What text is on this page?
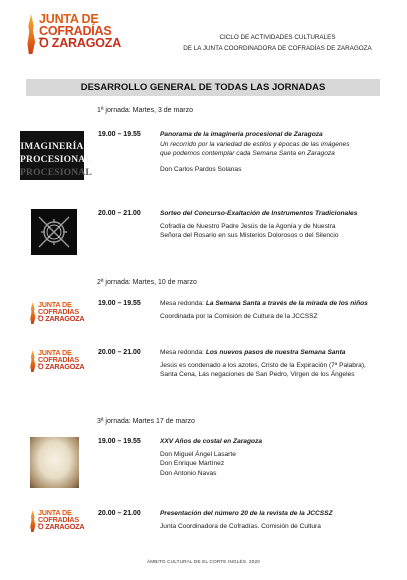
JUNTA DE
COFRADÍAS
Ꝺ ZARAGOZA	CICLO DE ACTIVIDADES CULTURALES
DE LA JUNTA COORDINADORA DE COFRADÍAS DE ZARAGOZA
DESARROLLO GENERAL DE TODAS LAS JORNADAS
1ª jornada: Martes, 3 de marzo
IMAGINERÍA
PROCESIONAL
PROCESIONAL
19.00 – 19.55	Panorama de la imaginería procesional de Zaragoza

Un recorrido por la variedad de estilos y épocas de las imágenes

que podemos contemplar cada Semana Santa en Zaragoza

Don Carlos Pardos Solanas

20.00 – 21.00	Sorteo del Concurso-Exaltación de Instrumentos Tradicionales

Cofradía de Nuestro Padre Jesús de la Agonía y de Nuestra

Señora del Rosario en sus Misterios Dolorosos o del Silencio

2ª jornada: Martes, 10 de marzo
JUNTA DE
COFRADÍAS
Ꝺ ZARAGOZA
19.00 – 19.55	Mesa redonda: La Semana Santa a través de la mirada de los niños

Coordinada por la Comisión de Cultura de la JCCSSZ

JUNTA DE
COFRADÍAS
Ꝺ ZARAGOZA
20.00 – 21.00	Mesa redonda: Los nuevos pasos de nuestra Semana Santa

Jesús es condenado a los azotes, Cristo de la Expiración (7ª Palabra),

Santa Cena, Las negaciones de San Pedro, Virgen de los Ángeles

3ª jornada: Martes 17 de marzo
19.00 – 19.55	XXV Años de costal en Zaragoza

Don Miguel Ángel Lasarte

Don Enrique Martínez

Don Antonio Navas

JUNTA DE
COFRADÍAS
Ꝺ ZARAGOZA
20.00 – 21.00	Presentación del número 20 de la revista de la JCCSSZ

Junta Coordinadora de Cofradías. Comisión de Cultura

ÁMBITO CULTURAL DE EL CORTE INGLÉS. 2020
